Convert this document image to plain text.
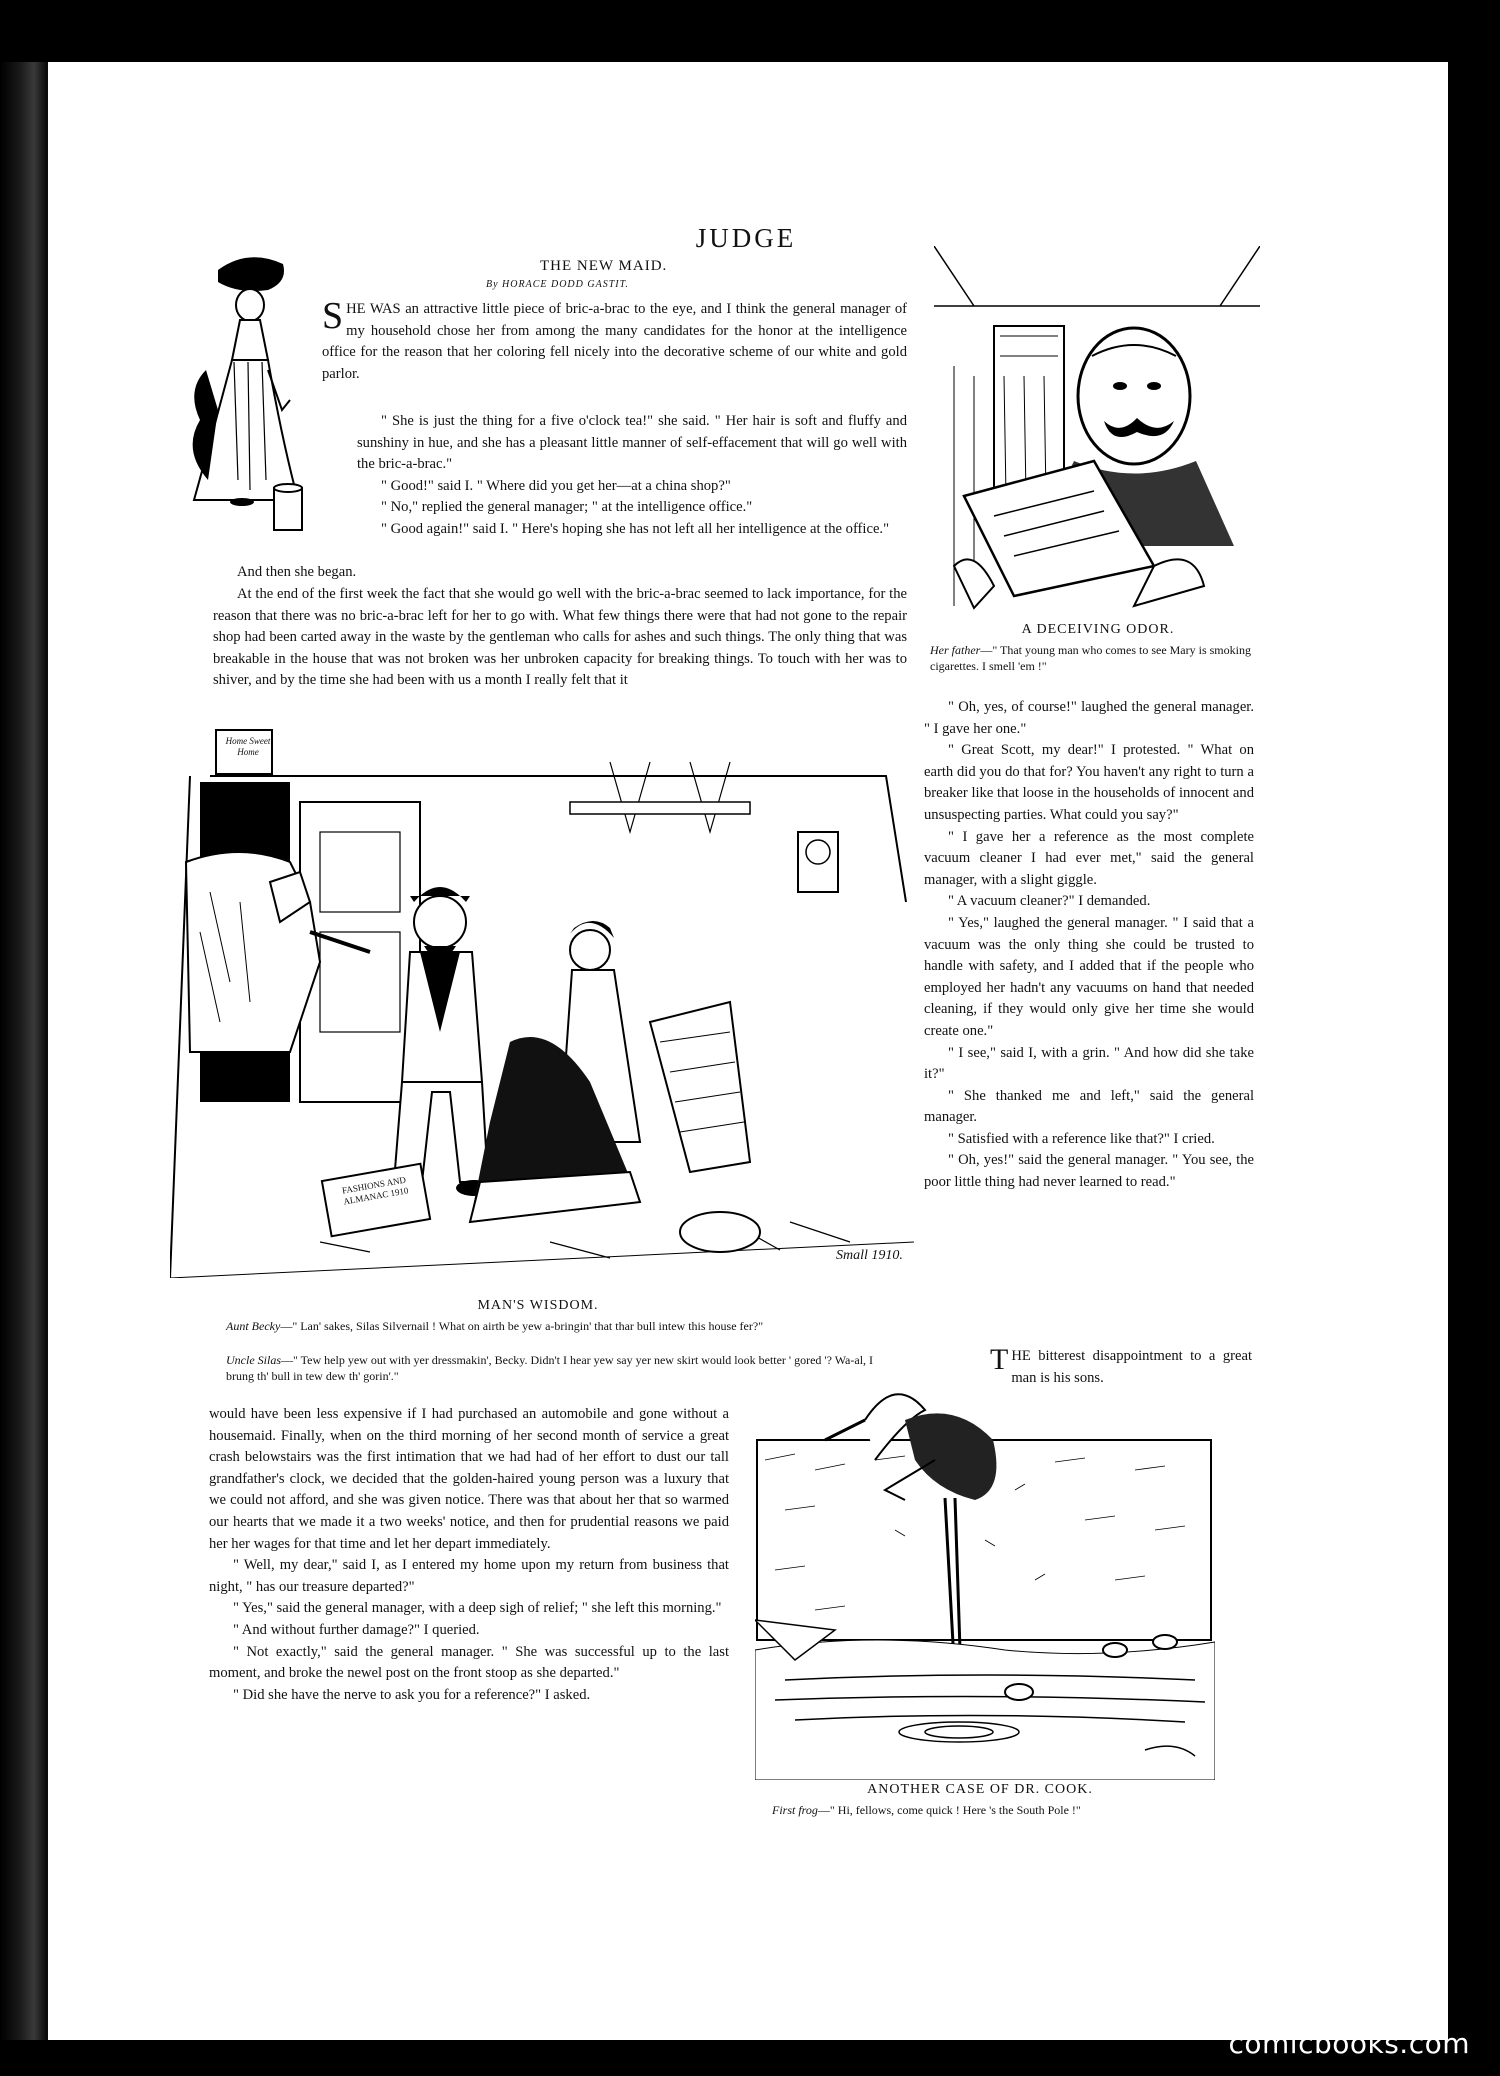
JUDGE
THE NEW MAID.
By HORACE DODD GASTIT.
S HE WAS an attractive little piece of bric-a-brac to the eye, and I think the general manager of my household chose her from among the many candidates for the honor at the intelligence office for the reason that her coloring fell nicely into the decorative scheme of our white and gold parlor.

" She is just the thing for a five o'clock tea!" she said. " Her hair is soft and fluffy and sunshiny in hue, and she has a pleasant little manner of self-effacement that will go well with the bric-a-brac."

" Good!" said I. " Where did you get her—at a china shop?"

" No," replied the general manager; " at the intelligence office."

" Good again!" said I. " Here's hoping she has not left all her intelligence at the office."

And then she began.

At the end of the first week the fact that she would go well with the bric-a-brac seemed to lack importance, for the reason that there was no bric-a-brac left for her to go with. What few things there were that had not gone to the repair shop had been carted away in the waste by the gentleman who calls for ashes and such things. The only thing that was breakable in the house that was not broken was her unbroken capacity for breaking things. To touch with her was to shiver, and by the time she had been with us a month I really felt that it

A DECEIVING ODOR.
Her father—" That young man who comes to see Mary is smoking cigarettes. I smell 'em !"
Home Sweet Home
FASHIONS AND ALMANAC 1910
Small 1910.
MAN'S WISDOM.
Aunt Becky—" Lan' sakes, Silas Silvernail ! What on airth be yew a-bringin' that thar bull intew this house fer?"
Uncle Silas—" Tew help yew out with yer dressmakin', Becky. Didn't I hear yew say yer new skirt would look better ' gored '? Wa-al, I brung th' bull in tew dew th' gorin'."

would have been less expensive if I had purchased an automobile and gone without a housemaid. Finally, when on the third morning of her second month of service a great crash belowstairs was the first intimation that we had had of her effort to dust our tall grandfather's clock, we decided that the golden-haired young person was a luxury that we could not afford, and she was given notice. There was that about her that so warmed our hearts that we made it a two weeks' notice, and then for prudential reasons we paid her her wages for that time and let her depart immediately.

" Well, my dear," said I, as I entered my home upon my return from business that night, " has our treasure departed?"

" Yes," said the general manager, with a deep sigh of relief; " she left this morning."

" And without further damage?" I queried.

" Not exactly," said the general manager. " She was successful up to the last moment, and broke the newel post on the front stoop as she departed."

" Did she have the nerve to ask you for a reference?" I asked.

" Oh, yes, of course!" laughed the general manager. " I gave her one."

" Great Scott, my dear!" I protested. " What on earth did you do that for? You haven't any right to turn a breaker like that loose in the households of innocent and unsuspecting parties. What could you say?"

" I gave her a reference as the most complete vacuum cleaner I had ever met," said the general manager, with a slight giggle.

" A vacuum cleaner?" I demanded.

" Yes," laughed the general manager. " I said that a vacuum was the only thing she could be trusted to handle with safety, and I added that if the people who employed her hadn't any vacuums on hand that needed cleaning, if they would only give her time she would create one."

" I see," said I, with a grin. " And how did she take it?"

" She thanked me and left," said the general manager.

" Satisfied with a reference like that?" I cried.

" Oh, yes!" said the general manager. " You see, the poor little thing had never learned to read."

T HE bitterest disappointment to a great man is his sons.
ANOTHER CASE OF DR. COOK.
First frog—" Hi, fellows, come quick ! Here 's the South Pole !"
comicbooks.com
